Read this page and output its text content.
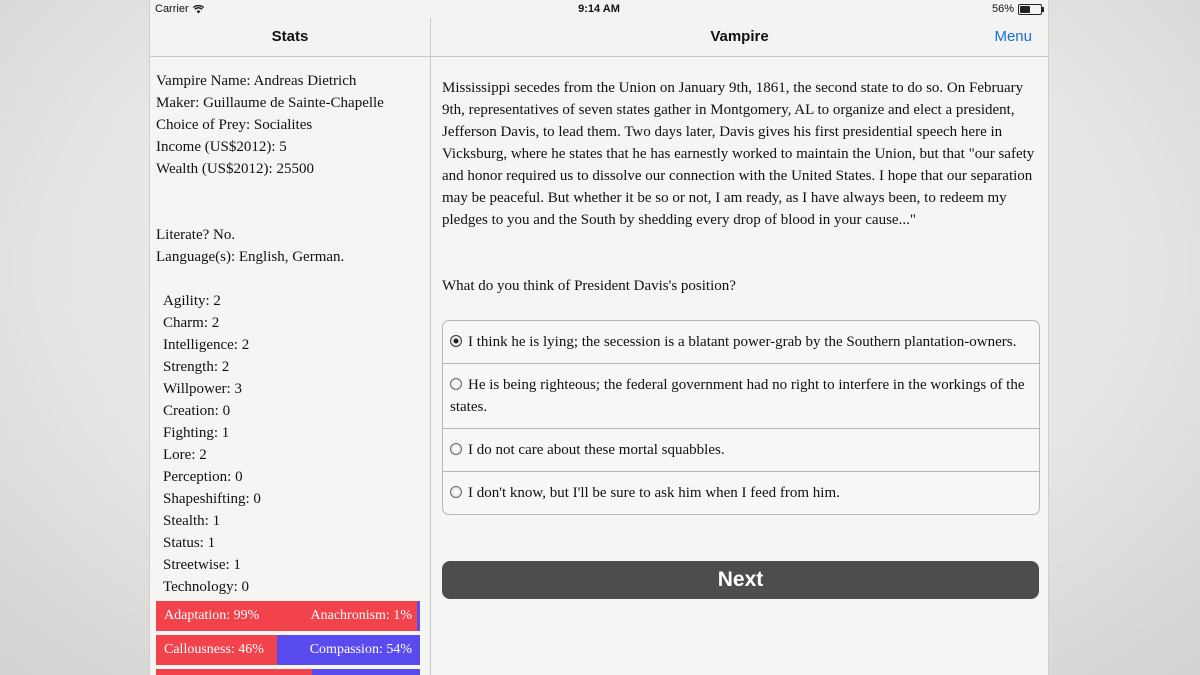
Carrier	9:14 AM	56%
Stats	Vampire	Menu
Vampire Name: Andreas Dietrich
Maker: Guillaume de Sainte-Chapelle
Choice of Prey: Socialites
Income (US$2012): 5
Wealth (US$2012): 25500
Literate? No.
Language(s): English, German.
Agility: 2
Charm: 2
Intelligence: 2
Strength: 2
Willpower: 3
Creation: 0
Fighting: 1
Lore: 2
Perception: 0
Shapeshifting: 0
Stealth: 1
Status: 1
Streetwise: 1
Technology: 0
Adaptation: 99%	Anachronism: 1%
Callousness: 46%	Compassion: 54%
Mississippi secedes from the Union on January 9th, 1861, the second state to do so. On February 9th, representatives of seven states gather in Montgomery, AL to organize and elect a president, Jefferson Davis, to lead them. Two days later, Davis gives his first presidential speech here in Vicksburg, where he states that he has earnestly worked to maintain the Union, but that "our safety and honor required us to dissolve our connection with the United States. I hope that our separation may be peaceful. But whether it be so or not, I am ready, as I have always been, to redeem my pledges to you and the South by shedding every drop of blood in your cause..."
What do you think of President Davis's position?
I think he is lying; the secession is a blatant power-grab by the Southern plantation-owners.
He is being righteous; the federal government had no right to interfere in the workings of the states.
I do not care about these mortal squabbles.
I don't know, but I'll be sure to ask him when I feed from him.
Next
